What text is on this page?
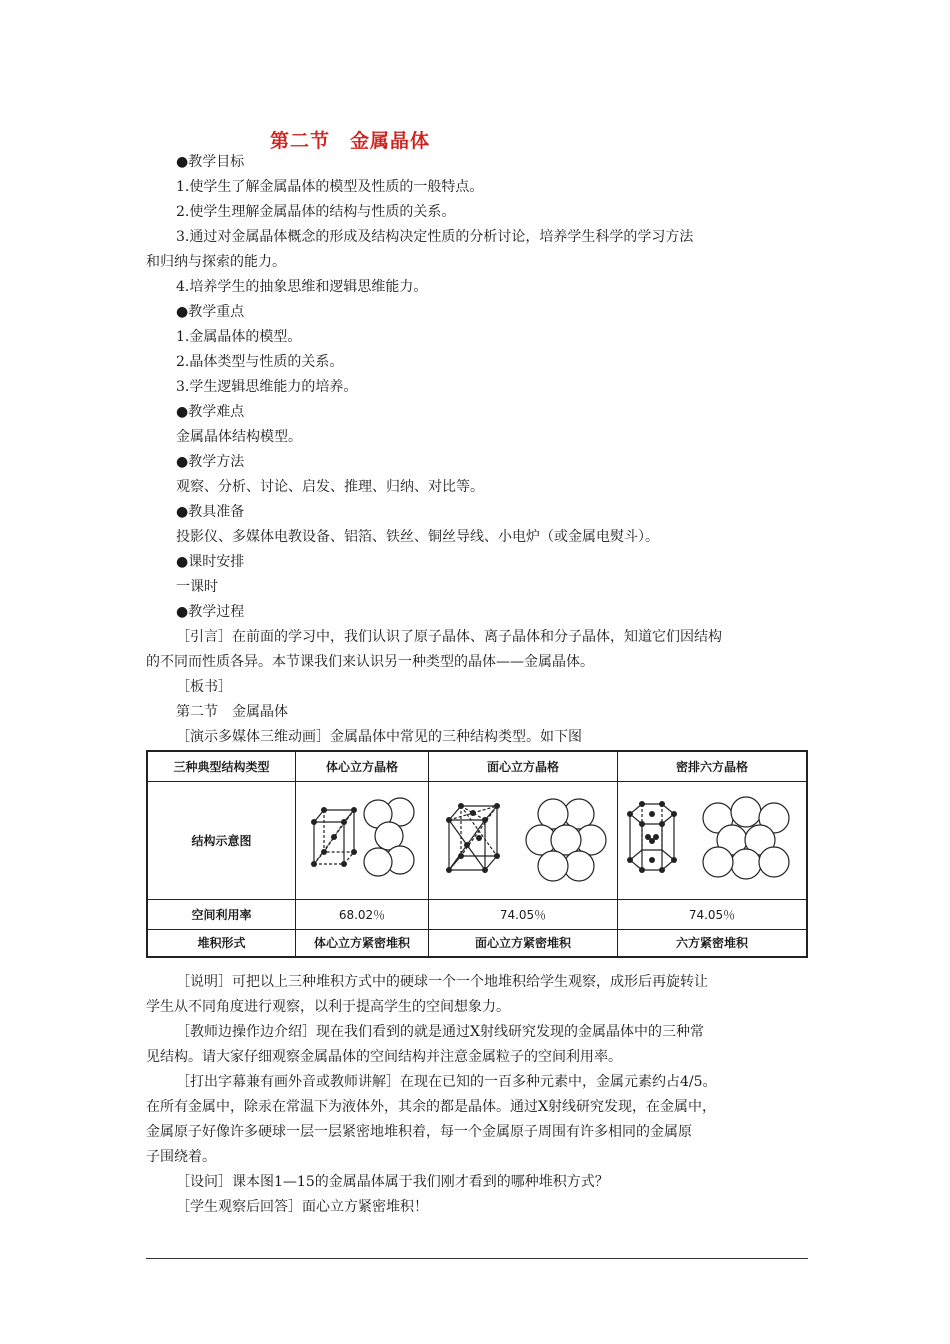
第二节　金属晶体
●教学目标
1.使学生了解金属晶体的模型及性质的一般特点。
2.使学生理解金属晶体的结构与性质的关系。
3.通过对金属晶体概念的形成及结构决定性质的分析讨论，培养学生科学的学习方法
和归纳与探索的能力。
4.培养学生的抽象思维和逻辑思维能力。
●教学重点
1.金属晶体的模型。
2.晶体类型与性质的关系。
3.学生逻辑思维能力的培养。
●教学难点
金属晶体结构模型。
●教学方法
观察、分析、讨论、启发、推理、归纳、对比等。
●教具准备
投影仪、多媒体电教设备、铝箔、铁丝、铜丝导线、小电炉（或金属电熨斗）。
●课时安排
一课时
●教学过程
［引言］在前面的学习中，我们认识了原子晶体、离子晶体和分子晶体，知道它们因结构
的不同而性质各异。本节课我们来认识另一种类型的晶体——金属晶体。
［板书］
第二节　金属晶体
［演示多媒体三维动画］金属晶体中常见的三种结构类型。如下图
三种典型结构类型	体心立方晶格	面心立方晶格	密排六方晶格
结构示意图			
空间利用率	68.02％	74.05％	74.05％
堆积形式	体心立方紧密堆积	面心立方紧密堆积	六方紧密堆积
［说明］可把以上三种堆积方式中的硬球一个一个地堆积给学生观察，成形后再旋转让
学生从不同角度进行观察，以利于提高学生的空间想象力。
［教师边操作边介绍］现在我们看到的就是通过X射线研究发现的金属晶体中的三种常
见结构。请大家仔细观察金属晶体的空间结构并注意金属粒子的空间利用率。
［打出字幕兼有画外音或教师讲解］在现在已知的一百多种元素中，金属元素约占4/5。
在所有金属中，除汞在常温下为液体外，其余的都是晶体。通过X射线研究发现，在金属中，
金属原子好像许多硬球一层一层紧密地堆积着，每一个金属原子周围有许多相同的金属原
子围绕着。
［设问］课本图1—15的金属晶体属于我们刚才看到的哪种堆积方式？
［学生观察后回答］面心立方紧密堆积！
